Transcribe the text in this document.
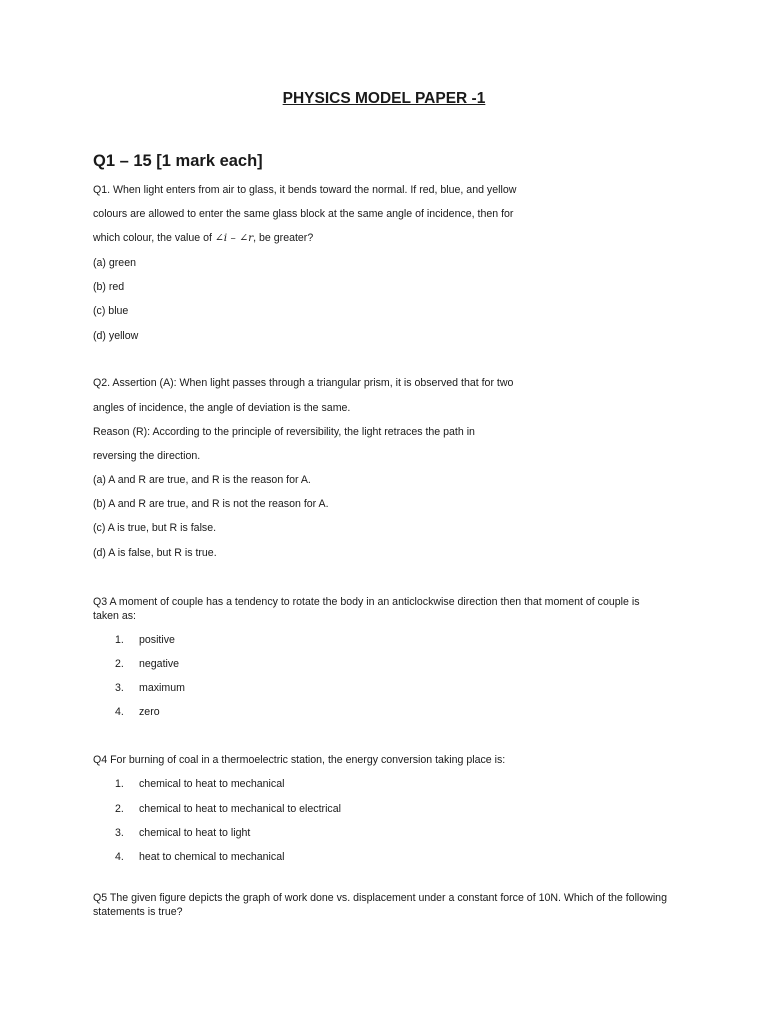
PHYSICS MODEL PAPER -1
Q1 – 15 [1 mark each]
Q1. When light enters from air to glass, it bends toward the normal. If red, blue, and yellow
colours are allowed to enter the same glass block at the same angle of incidence, then for
which colour, the value of ∠i – ∠r, be greater?
(a) green
(b) red
(c) blue
(d) yellow
Q2. Assertion (A): When light passes through a triangular prism, it is observed that for two
angles of incidence, the angle of deviation is the same.
Reason (R): According to the principle of reversibility, the light retraces the path in
reversing the direction.
(a) A and R are true, and R is the reason for A.
(b) A and R are true, and R is not the reason for A.
(c) A is true, but R is false.
(d) A is false, but R is true.
Q3 A moment of couple has a tendency to rotate the body in an anticlockwise direction then that moment of couple is taken as:
1. positive
2. negative
3. maximum
4. zero
Q4 For burning of coal in a thermoelectric station, the energy conversion taking place is:
1. chemical to heat to mechanical
2. chemical to heat to mechanical to electrical
3. chemical to heat to light
4. heat to chemical to mechanical
Q5 The given figure depicts the graph of work done vs. displacement under a constant force of 10N. Which of the following statements is true?
